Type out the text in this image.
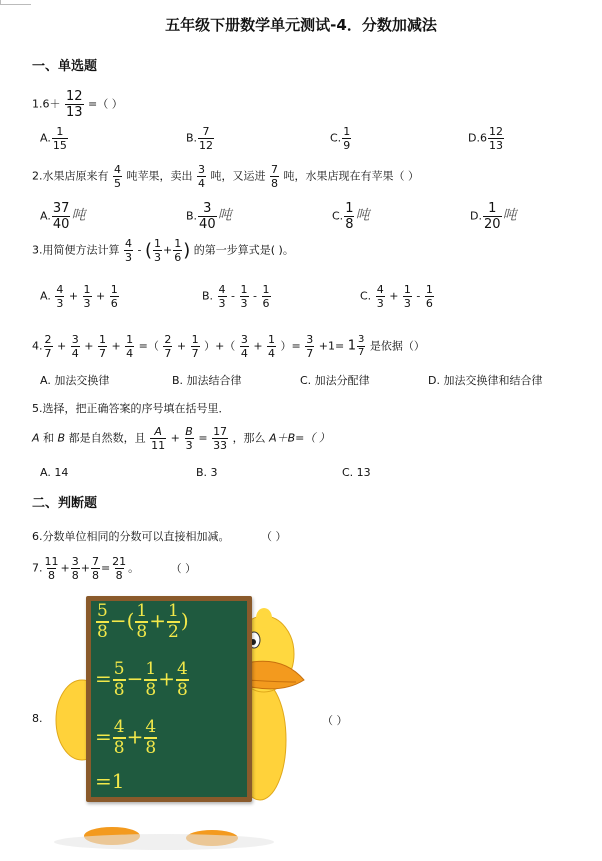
五年级下册数学单元测试-4．分数加减法
一、单选题
$1.6+ \frac{12}{13}$ =（ ）
A. $\frac{1}{15}$	B. $\frac{7}{12}$	C. $\frac{1}{9}$	$D.6 \frac{12}{13}$
2.水果店原来有 $\frac{4}{5}$ 吨苹果，卖出 $\frac{3}{4}$ 吨，又运进 $\frac{7}{8}$ 吨，水果店现在有苹果（ ）
A. $\frac{37}{40}$ 吨	B. $\frac{3}{40}$ 吨	C. $\frac{1}{8}$ 吨	D. $\frac{1}{20}$ 吨
3.用简便方法计算 $\frac{4}{3}$ - ( $\frac{1}{3} + \frac{1}{6}$ ) 的第一步算式是( )。
A. $\frac{4}{3} + \frac{1}{3} + \frac{1}{6}$	B. $\frac{4}{3} - \frac{1}{3} - \frac{1}{6}$	C. $\frac{4}{3} + \frac{1}{3} - \frac{1}{6}$
4. $\frac{2}{7} + \frac{3}{4} + \frac{1}{7} + \frac{1}{4}$ =（ $\frac{2}{7} + \frac{1}{7}$ ）+（ $\frac{3}{4} + \frac{1}{4}$ ）= $\frac{3}{7} +1= 1 \frac{3}{7}$ 是依据（）
A. 加法交换律	B. 加法结合律	C. 加法分配律	D. 加法交换律和结合律
5.选择，把正确答案的序号填在括号里．
A 和 B 都是自然数，且 $\frac{A}{11} + \frac{B}{3} = \frac{17}{33}$ ，那么 A＋B=（ ）
A. 14	B. 3	C. 13
二、判断题
6.分数单位相同的分数可以直接相加减。	（ ）
7. $\frac{11}{8} + \frac{3}{8} + \frac{7}{8} = \frac{21}{8}$ 。	（ ）
8.	（ ）
$\frac{5}{8}$ −( $\frac{1}{8} + \frac{1}{2}$ )
= $\frac{5}{8} - \frac{1}{8} + \frac{4}{8}$
= $\frac{4}{8} + \frac{4}{8}$
=1
